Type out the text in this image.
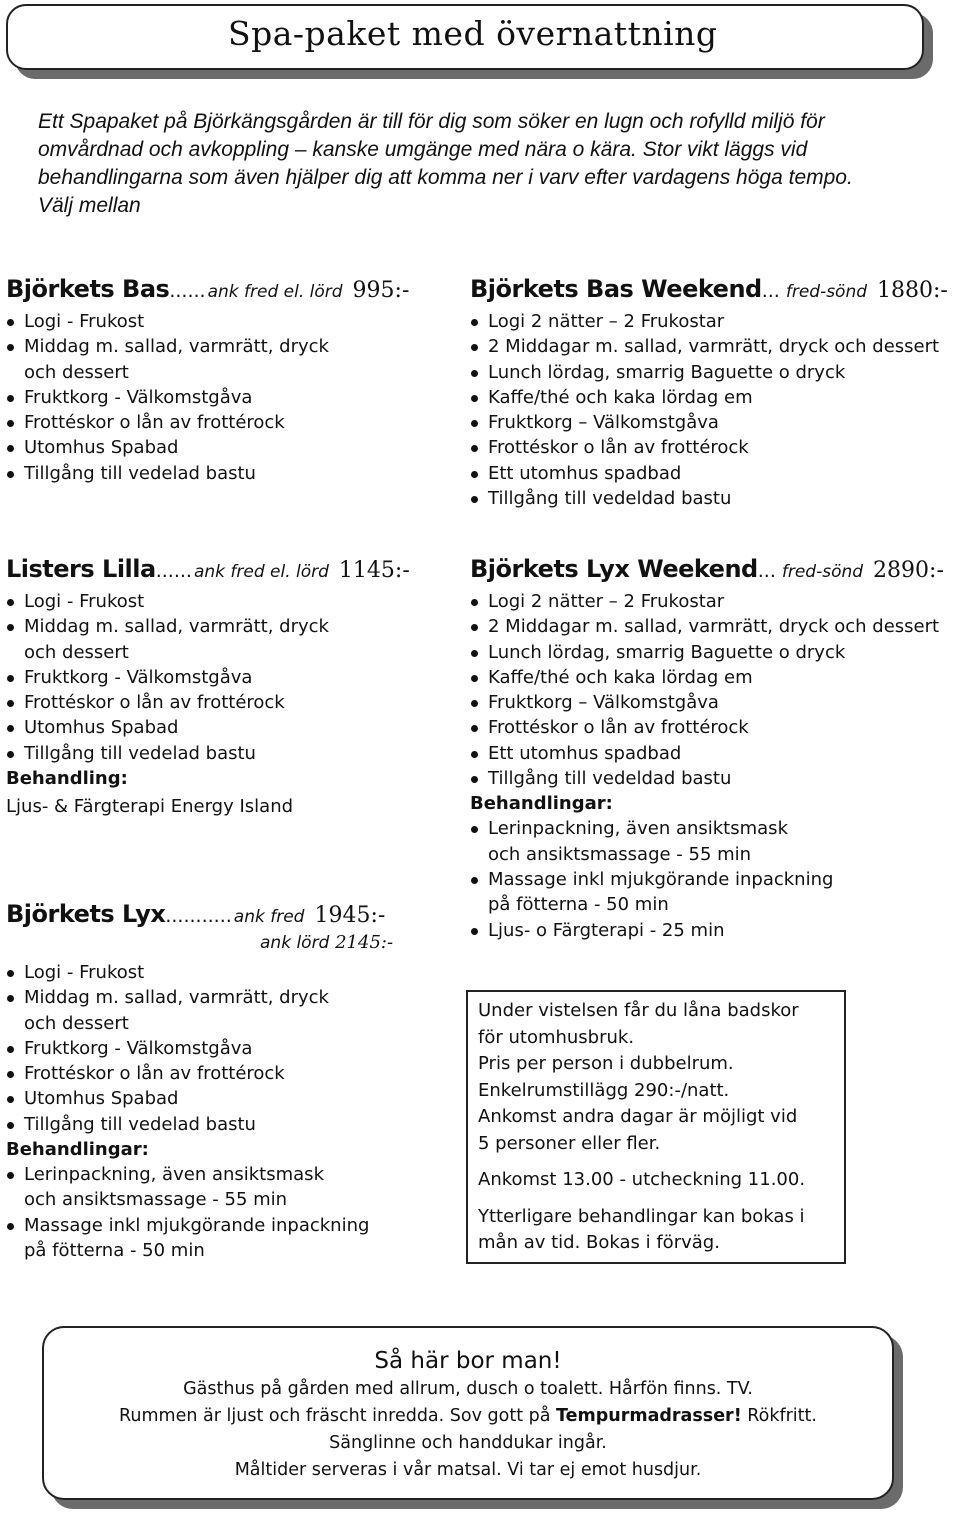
Spa-paket med övernattning
Ett Spapaket på Björkängsgården är till för dig som söker en lugn och rofylld miljö för
omvårdnad och avkoppling – kanske umgänge med nära o kära. Stor vikt läggs vid
behandlingarna som även hjälper dig att komma ner i varv efter vardagens höga tempo.
Välj mellan
Björkets Bas...... ank fred el. lörd 995:-
Logi - Frukost
Middag m. sallad, varmrätt, dryck
och dessert
Fruktkorg - Välkomstgåva
Frottéskor o lån av frottérock
Utomhus Spabad
Tillgång till vedelad bastu
Listers Lilla...... ank fred el. lörd 1145:-
Logi - Frukost
Middag m. sallad, varmrätt, dryck
och dessert
Fruktkorg - Välkomstgåva
Frottéskor o lån av frottérock
Utomhus Spabad
Tillgång till vedelad bastu
Behandling:
Ljus- & Färgterapi Energy Island
Björkets Lyx........... ank fred 1945:-
ank lörd 2145:-
Logi - Frukost
Middag m. sallad, varmrätt, dryck
och dessert
Fruktkorg - Välkomstgåva
Frottéskor o lån av frottérock
Utomhus Spabad
Tillgång till vedelad bastu
Behandlingar:
Lerinpackning, även ansiktsmask
och ansiktsmassage - 55 min
Massage inkl mjukgörande inpackning
på fötterna - 50 min
Björkets Bas Weekend... fred-sönd 1880:-
Logi 2 nätter – 2 Frukostar
2 Middagar m. sallad, varmrätt, dryck och dessert
Lunch lördag, smarrig Baguette o dryck
Kaffe/thé och kaka lördag em
Fruktkorg – Välkomstgåva
Frottéskor o lån av frottérock
Ett utomhus spadbad
Tillgång till vedeldad bastu
Björkets Lyx Weekend... fred-sönd 2890:-
Logi 2 nätter – 2 Frukostar
2 Middagar m. sallad, varmrätt, dryck och dessert
Lunch lördag, smarrig Baguette o dryck
Kaffe/thé och kaka lördag em
Fruktkorg – Välkomstgåva
Frottéskor o lån av frottérock
Ett utomhus spadbad
Tillgång till vedeldad bastu
Behandlingar:
Lerinpackning, även ansiktsmask
och ansiktsmassage - 55 min
Massage inkl mjukgörande inpackning
på fötterna - 50 min
Ljus- o Färgterapi - 25 min
Under vistelsen får du låna badskor
för utomhusbruk.
Pris per person i dubbelrum.
Enkelrumstillägg 290:-/natt.
Ankomst andra dagar är möjligt vid
5 personer eller fler.
Ankomst 13.00 - utcheckning 11.00.
Ytterligare behandlingar kan bokas i
mån av tid. Bokas i förväg.
Så här bor man!
Gästhus på gården med allrum, dusch o toalett. Hårfön finns. TV.
Rummen är ljust och fräscht inredda. Sov gott på Tempurmadrasser! Rökfritt.
Sänglinne och handdukar ingår.
Måltider serveras i vår matsal. Vi tar ej emot husdjur.
